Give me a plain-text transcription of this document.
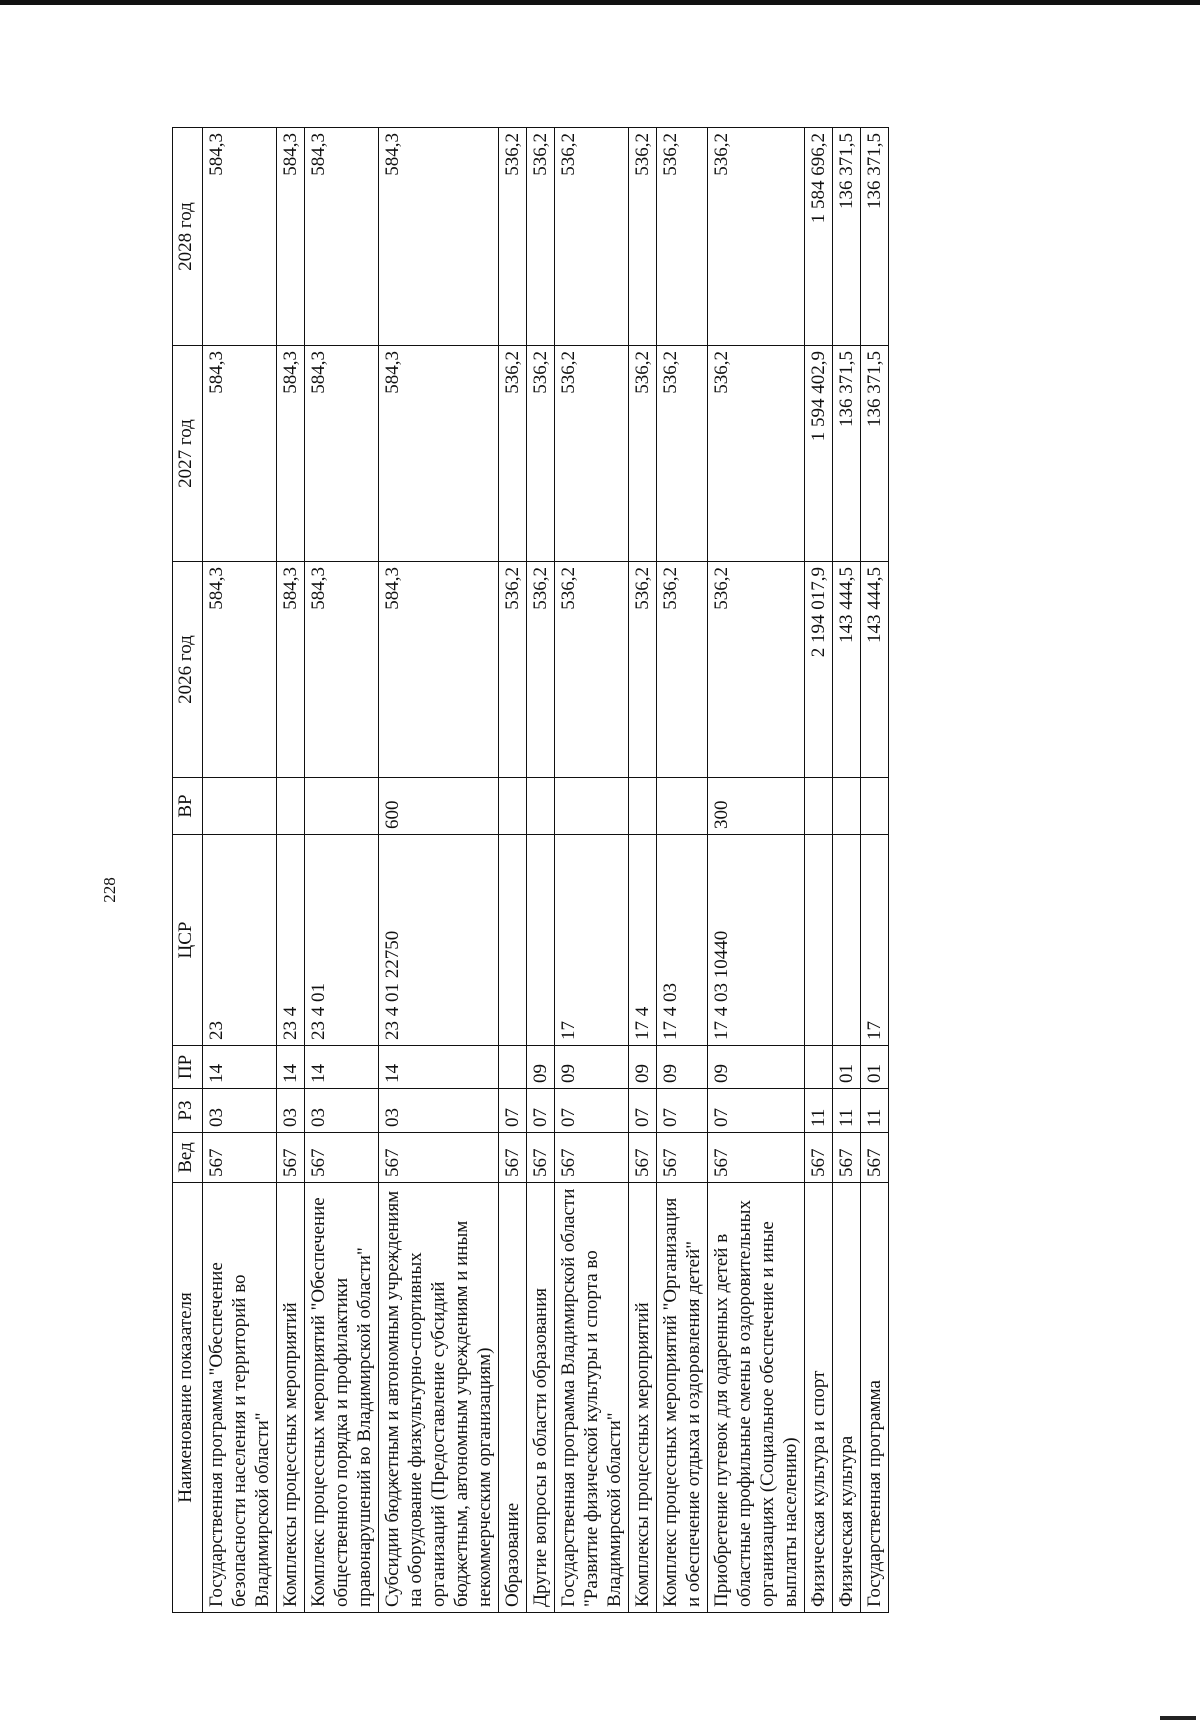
228
Наименование показателя	Вед	РЗ	ПР	ЦСР	ВР	2026 год	2027 год	2028 год
Государственная программа "Обеспечение безопасности населения и территорий во Владимирской области"	567	03	14	23		584,3	584,3	584,3
Комплексы процессных мероприятий	567	03	14	23 4		584,3	584,3	584,3
Комплекс процессных мероприятий "Обеспечение общественного порядка и профилактики правонарушений во Владимирской области"	567	03	14	23 4 01		584,3	584,3	584,3
Субсидии бюджетным и автономным учреждениям на оборудование физкультурно-спортивных организаций (Предоставление субсидий бюджетным, автономным учреждениям и иным некоммерческим организациям)	567	03	14	23 4 01 22750	600	584,3	584,3	584,3
Образование	567	07				536,2	536,2	536,2
Другие вопросы в области образования	567	07	09			536,2	536,2	536,2
Государственная программа Владимирской области "Развитие физической культуры и спорта во Владимирской области"	567	07	09	17		536,2	536,2	536,2
Комплексы процессных мероприятий	567	07	09	17 4		536,2	536,2	536,2
Комплекс процессных мероприятий "Организация и обеспечение отдыха и оздоровления детей"	567	07	09	17 4 03		536,2	536,2	536,2
Приобретение путевок для одаренных детей в областные профильные смены в оздоровительных организациях (Социальное обеспечение и иные выплаты населению)	567	07	09	17 4 03 10440	300	536,2	536,2	536,2
Физическая культура и спорт	567	11				2 194 017,9	1 594 402,9	1 584 696,2
Физическая культура	567	11	01			143 444,5	136 371,5	136 371,5
Государственная программа	567	11	01	17		143 444,5	136 371,5	136 371,5
